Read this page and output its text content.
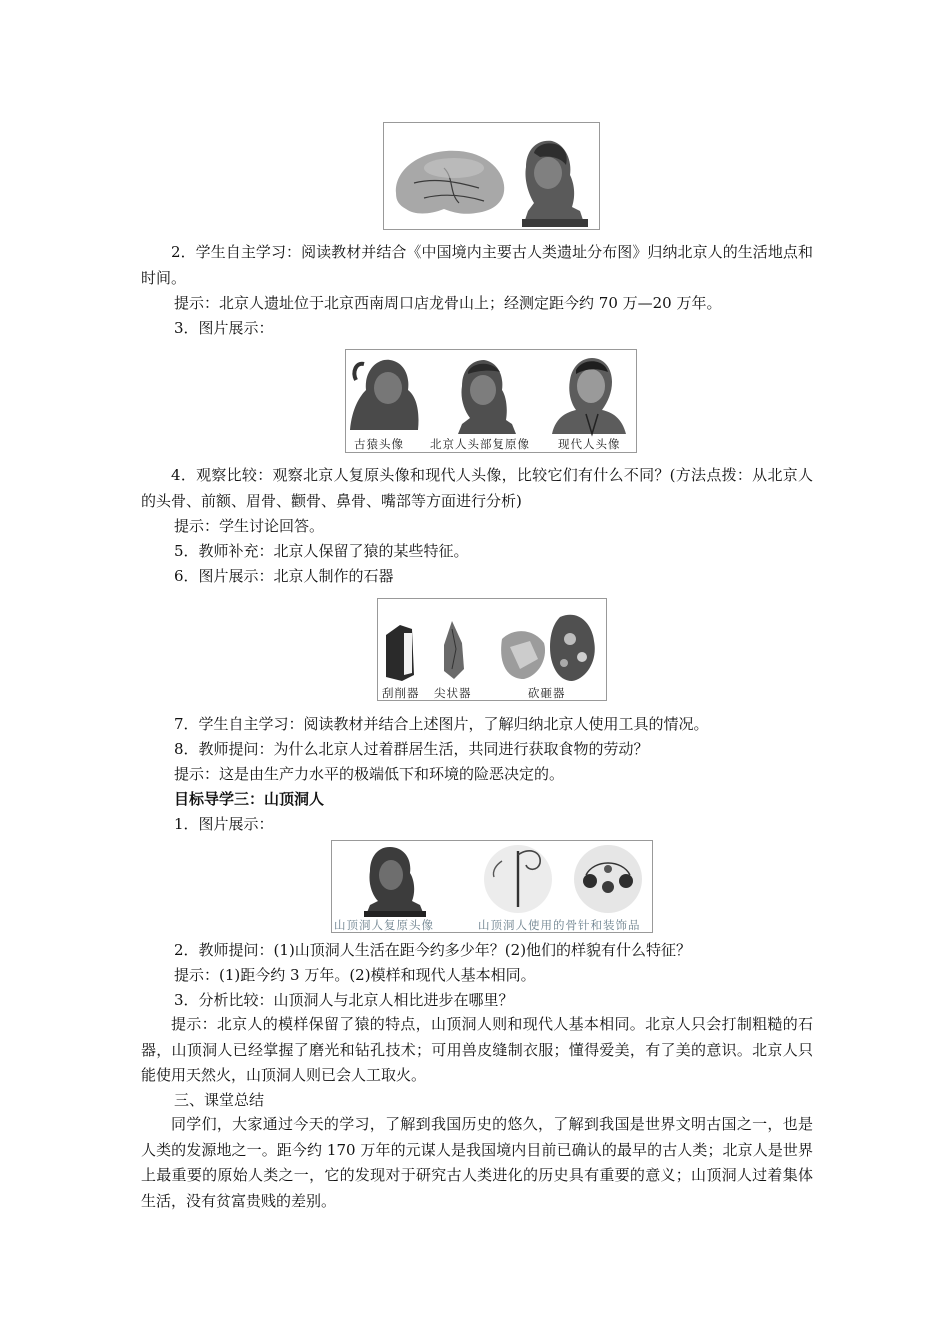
2．学生自主学习：阅读教材并结合《中国境内主要古人类遗址分布图》归纳北京人的生活地点和时间。

提示：北京人遗址位于北京西南周口店龙骨山上；经测定距今约 70 万—20 万年。

3．图片展示：

古猿头像 北京人头部复原像 现代人头像

4．观察比较：观察北京人复原头像和现代人头像，比较它们有什么不同？(方法点拨：从北京人的头骨、前额、眉骨、颧骨、鼻骨、嘴部等方面进行分析)

提示：学生讨论回答。

5．教师补充：北京人保留了猿的某些特征。

6．图片展示：北京人制作的石器

刮削器 尖状器	砍砸器

7．学生自主学习：阅读教材并结合上述图片，了解归纳北京人使用工具的情况。

8．教师提问：为什么北京人过着群居生活，共同进行获取食物的劳动？

提示：这是由生产力水平的极端低下和环境的险恶决定的。

目标导学三：山顶洞人

1．图片展示：

山顶洞人复原头像	山顶洞人使用的骨针和装饰品

2．教师提问：(1)山顶洞人生活在距今约多少年？(2)他们的样貌有什么特征？

提示：(1)距今约 3 万年。(2)模样和现代人基本相同。

3．分析比较：山顶洞人与北京人相比进步在哪里？

提示：北京人的模样保留了猿的特点，山顶洞人则和现代人基本相同。北京人只会打制粗糙的石器，山顶洞人已经掌握了磨光和钻孔技术；可用兽皮缝制衣服；懂得爱美，有了美的意识。北京人只能使用天然火，山顶洞人则已会人工取火。

三、课堂总结

同学们，大家通过今天的学习，了解到我国历史的悠久，了解到我国是世界文明古国之一，也是人类的发源地之一。距今约 170 万年的元谋人是我国境内目前已确认的最早的古人类；北京人是世界上最重要的原始人类之一，它的发现对于研究古人类进化的历史具有重要的意义；山顶洞人过着集体生活，没有贫富贵贱的差别。
